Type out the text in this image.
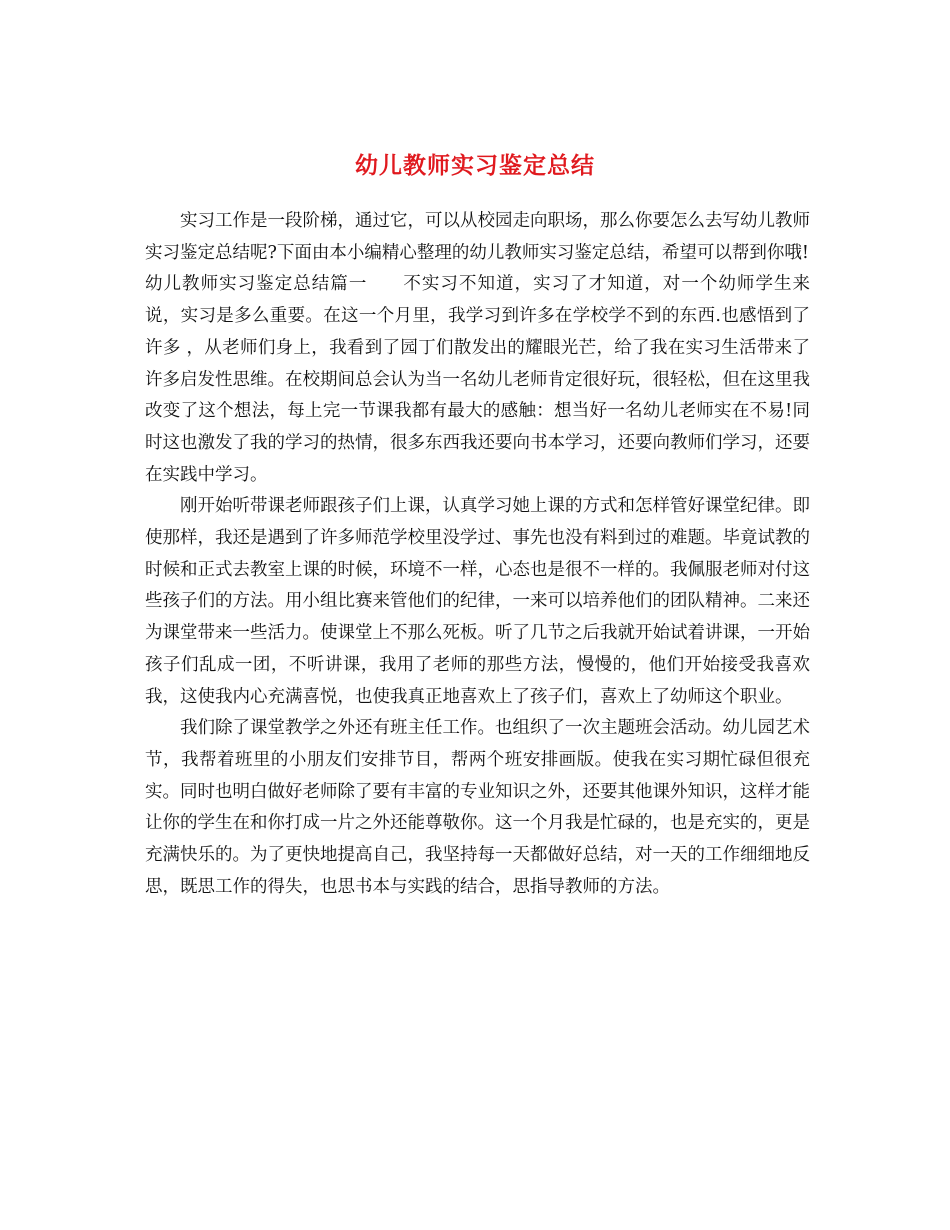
幼儿教师实习鉴定总结

实习工作是一段阶梯，通过它，可以从校园走向职场，那么你要怎么去写幼儿教师实习鉴定总结呢?下面由本小编精心整理的幼儿教师实习鉴定总结，希望可以帮到你哦!

幼儿教师实习鉴定总结篇一 不实习不知道，实习了才知道，对一个幼师学生来说，实习是多么重要。在这一个月里，我学习到许多在学校学不到的东西.也感悟到了许多 ，从老师们身上，我看到了园丁们散发出的耀眼光芒，给了我在实习生活带来了许多启发性思维。在校期间总会认为当一名幼儿老师肯定很好玩，很轻松，但在这里我改变了这个想法，每上完一节课我都有最大的感触：想当好一名幼儿老师实在不易!同时这也激发了我的学习的热情，很多东西我还要向书本学习，还要向教师们学习，还要在实践中学习。

刚开始听带课老师跟孩子们上课，认真学习她上课的方式和怎样管好课堂纪律。即使那样，我还是遇到了许多师范学校里没学过、事先也没有料到过的难题。毕竟试教的时候和正式去教室上课的时候，环境不一样，心态也是很不一样的。我佩服老师对付这些孩子们的方法。用小组比赛来管他们的纪律，一来可以培养他们的团队精神。二来还为课堂带来一些活力。使课堂上不那么死板。听了几节之后我就开始试着讲课，一开始孩子们乱成一团，不听讲课，我用了老师的那些方法，慢慢的，他们开始接受我喜欢我，这使我内心充满喜悦，也使我真正地喜欢上了孩子们，喜欢上了幼师这个职业。

我们除了课堂教学之外还有班主任工作。也组织了一次主题班会活动。幼儿园艺术节，我帮着班里的小朋友们安排节目，帮两个班安排画版。使我在实习期忙碌但很充实。同时也明白做好老师除了要有丰富的专业知识之外，还要其他课外知识，这样才能让你的学生在和你打成一片之外还能尊敬你。这一个月我是忙碌的，也是充实的，更是充满快乐的。为了更快地提高自己，我坚持每一天都做好总结，对一天的工作细细地反思，既思工作的得失，也思书本与实践的结合，思指导教师的方法。
